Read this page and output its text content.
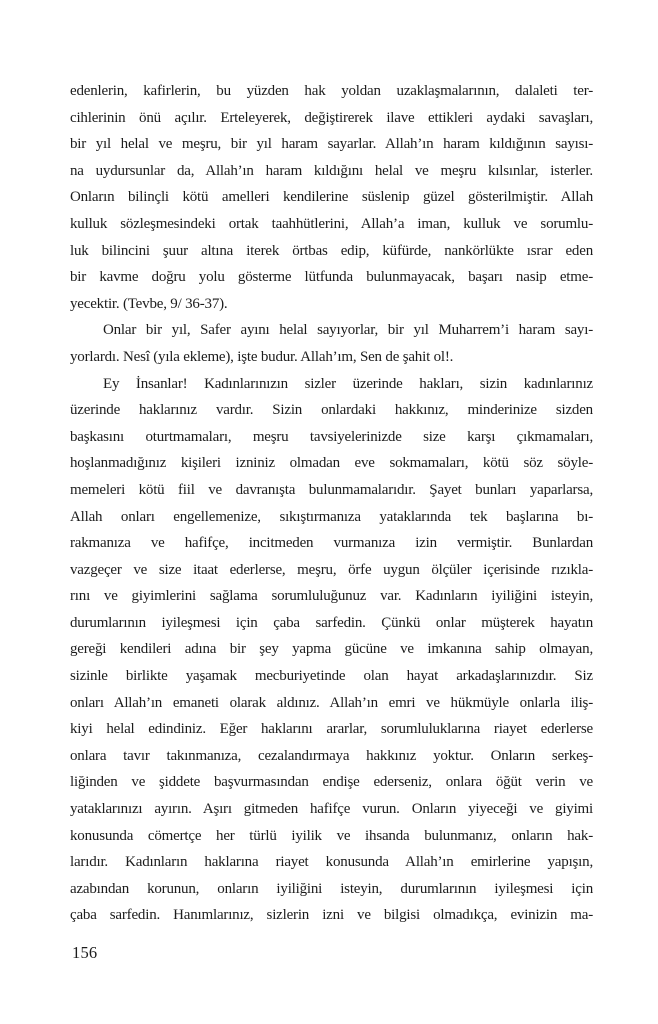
edenlerin, kafirlerin, bu yüzden hak yoldan uzaklaşmalarının, dalaleti ter-
cihlerinin önü açılır. Erteleyerek, değiştirerek ilave ettikleri aydaki savaşları,
bir yıl helal ve meşru, bir yıl haram sayarlar. Allah’ın haram kıldığının sayısı-
na uydursunlar da, Allah’ın haram kıldığını helal ve meşru kılsınlar, isterler.
Onların bilinçli kötü amelleri kendilerine süslenip güzel gösterilmiştir. Allah
kulluk sözleşmesindeki ortak taahhütlerini, Allah’a iman, kulluk ve sorumlu-
luk bilincini şuur altına iterek örtbas edip, küfürde, nankörlükte ısrar eden
bir kavme doğru yolu gösterme lütfunda bulunmayacak, başarı nasip etme-
yecektir. (Tevbe, 9/ 36-37).
Onlar bir yıl, Safer ayını helal sayıyorlar, bir yıl Muharrem’i haram sayı-
yorlardı. Nesî (yıla ekleme), işte budur. Allah’ım, Sen de şahit ol!.
Ey İnsanlar! Kadınlarınızın sizler üzerinde hakları, sizin kadınlarınız
üzerinde haklarınız vardır. Sizin onlardaki hakkınız, minderinize sizden
başkasını oturtmamaları, meşru tavsiyelerinizde size karşı çıkmamaları,
hoşlanmadığınız kişileri izniniz olmadan eve sokmamaları, kötü söz söyle-
memeleri kötü fiil ve davranışta bulunmamalarıdır. Şayet bunları yaparlarsa,
Allah onları engellemenize, sıkıştırmanıza yataklarında tek başlarına bı-
rakmanıza ve hafifçe, incitmeden vurmanıza izin vermiştir. Bunlardan
vazgeçer ve size itaat ederlerse, meşru, örfe uygun ölçüler içerisinde rızıkla-
rını ve giyimlerini sağlama sorumluluğunuz var. Kadınların iyiliğini isteyin,
durumlarının iyileşmesi için çaba sarfedin. Çünkü onlar müşterek hayatın
gereği kendileri adına bir şey yapma gücüne ve imkanına sahip olmayan,
sizinle birlikte yaşamak mecburiyetinde olan hayat arkadaşlarınızdır. Siz
onları Allah’ın emaneti olarak aldınız. Allah’ın emri ve hükmüyle onlarla iliş-
kiyi helal edindiniz. Eğer haklarını ararlar, sorumluluklarına riayet ederlerse
onlara tavır takınmanıza, cezalandırmaya hakkınız yoktur. Onların serkeş-
liğinden ve şiddete başvurmasından endişe ederseniz, onlara öğüt verin ve
yataklarınızı ayırın. Aşırı gitmeden hafifçe vurun. Onların yiyeceği ve giyimi
konusunda cömertçe her türlü iyilik ve ihsanda bulunmanız, onların hak-
larıdır. Kadınların haklarına riayet konusunda Allah’ın emirlerine yapışın,
azabından korunun, onların iyiliğini isteyin, durumlarının iyileşmesi için
çaba sarfedin. Hanımlarınız, sizlerin izni ve bilgisi olmadıkça, evinizin ma-
156
